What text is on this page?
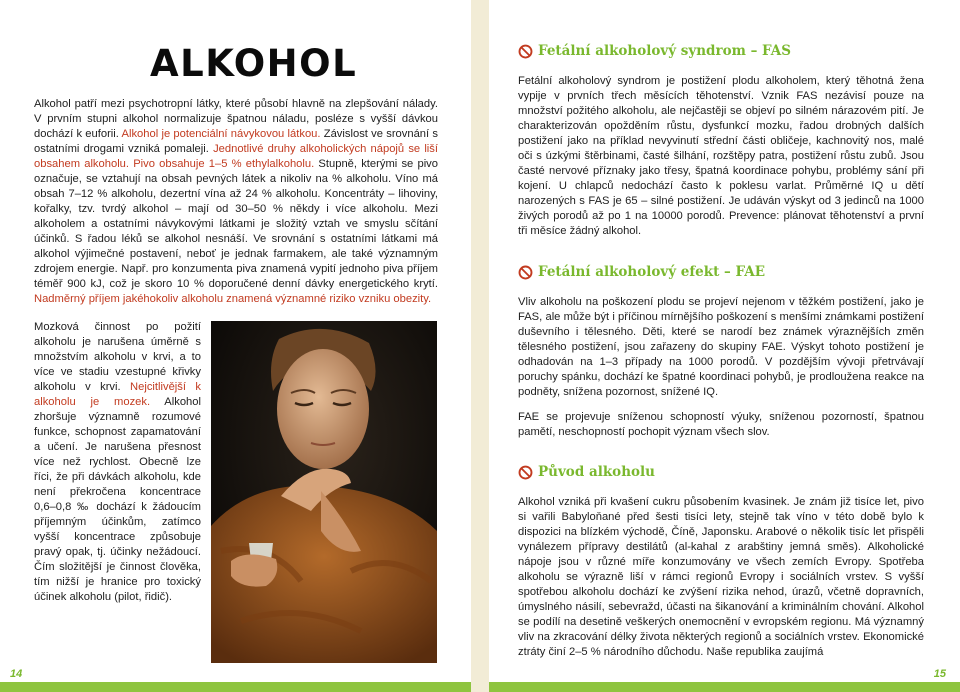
ALKOHOL

Alkohol patří mezi psychotropní látky, které působí hlavně na zlepšování nálady. V prvním stupni alkohol normalizuje špatnou náladu, posléze s vyšší dávkou dochází k euforii. Alkohol je potenciální návykovou látkou. Závislost ve srovnání s ostatními drogami vzniká pomaleji. Jednotlivé druhy alkoholických nápojů se liší obsahem alkoholu. Pivo obsahuje 1–5 % ethylalkoholu. Stupně, kterými se pivo označuje, se vztahují na obsah pevných látek a nikoliv na % alkoholu. Víno má obsah 7–12 % alkoholu, dezertní vína až 24 % alkoholu. Koncentráty – lihoviny, kořalky, tzv. tvrdý alkohol – mají od 30–50 % někdy i více alkoholu. Mezi alkoholem a ostatními návykovými látkami je složitý vztah ve smyslu sčítání účinků. S řadou léků se alkohol nesnáší. Ve srovnání s ostatními látkami má alkohol výjimečné postavení, neboť je jednak farmakem, ale také významným zdrojem energie. Např. pro konzumenta piva znamená vypití jednoho piva příjem téměř 900 kJ, což je skoro 10 % doporučené denní dávky energetického krytí. Nadměrný příjem jakéhokoliv alkoholu znamená významné riziko vzniku obezity.

Mozková činnost po požití alkoholu je narušena úměrně s množstvím alkoholu v krvi, a to více ve stadiu vzestupné křivky alkoholu v krvi. Nejcitlivější k alkoholu je mozek. Alkohol zhoršuje významně rozumové funkce, schopnost zapamatování a učení. Je narušena přesnost více než rychlost. Obecně lze říci, že při dávkách alkoholu, kde není překročena koncentrace 0,6–0,8 ‰ dochází k žádoucím příjemným účinkům, zatímco vyšší koncentrace způsobuje pravý opak, tj. účinky nežádoucí. Čím složitější je činnost člověka, tím nižší je hranice pro toxický účinek alkoholu (pilot, řidič).

14	15
Fetální alkoholový syndrom – FAS

Fetální alkoholový syndrom je postižení plodu alkoholem, který těhotná žena vypije v prvních třech měsících těhotenství. Vznik FAS nezávisí pouze na množství požitého alkoholu, ale nejčastěji se objeví po silném nárazovém pití. Je charakterizován opožděním růstu, dysfunkcí mozku, řadou drobných dalších postižení jako na příklad nevyvinutí střední části obličeje, kachnovitý nos, malé oči s úzkými štěrbinami, časté šilhání, rozštěpy patra, postižení růstu zubů. Jsou časté nervové příznaky jako třesy, špatná koordinace pohybu, problémy sání při kojení. U chlapců nedochází často k poklesu varlat. Průměrné IQ u dětí narozených s FAS je 65 – silné postižení. Je udáván výskyt od 3 jedinců na 1000 živých porodů až po 1 na 10000 porodů. Prevence: plánovat těhotenství a první tři měsíce žádný alkohol.

Fetální alkoholový efekt – FAE

Vliv alkoholu na poškození plodu se projeví nejenom v těžkém postižení, jako je FAS, ale může být i příčinou mírnějšího poškození s menšími známkami postižení duševního i tělesného. Děti, které se narodí bez známek výraznějších změn tělesného postižení, jsou zařazeny do skupiny FAE. Výskyt tohoto postižení je odhadován na 1–3 případy na 1000 porodů. V pozdějším vývoji přetrvávají poruchy spánku, dochází ke špatné koordinaci pohybů, je prodloužena reakce na podněty, snížena pozornost, snížené IQ.

FAE se projevuje sníženou schopností výuky, sníženou pozorností, špatnou pamětí, neschopností pochopit význam všech slov.

Původ alkoholu

Alkohol vzniká při kvašení cukru působením kvasinek. Je znám již tisíce let, pivo si vařili Babyloňané před šesti tisíci lety, stejně tak víno v této době bylo k dispozici na blízkém východě, Číně, Japonsku. Arabové o několik tisíc let přispěli vynálezem přípravy destilátů (al-kahal z arabštiny jemná směs). Alkoholické nápoje jsou v různé míře konzumovány ve všech zemích Evropy. Spotřeba alkoholu se výrazně liší v rámci regionů Evropy i sociálních vrstev. S vyšší spotřebou alkoholu dochází ke zvýšení rizika nehod, úrazů, včetně dopravních, úmyslného násilí, sebevražd, účasti na šikanování a kriminálním chování. Alkohol se podílí na desetině veškerých onemocnění v evropském regionu. Má významný vliv na zkracování délky života některých regionů a sociálních vrstev. Ekonomické ztráty činí 2–5 % národního důchodu. Naše republika zaujímá
